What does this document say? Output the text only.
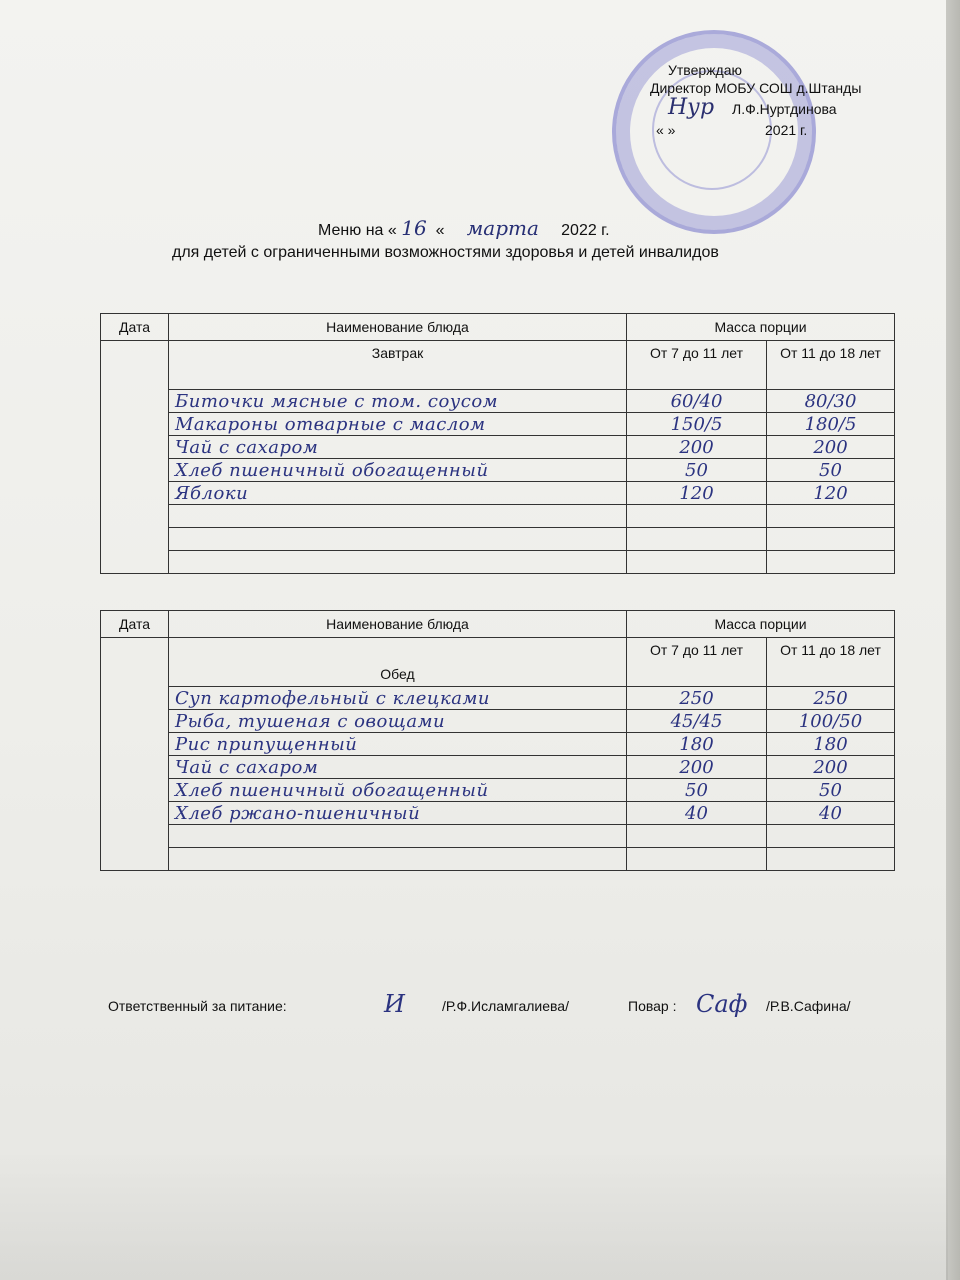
Утверждаю
Директор МОБУ СОШ д.Штанды
Нур	Л.Ф.Нуртдинова
« »	2021 г.
Меню на « 16 « марта 2022 г.
для детей с ограниченными возможностями здоровья и детей инвалидов
Дата	Наименование блюда	Масса порции	
	Завтрак	От 7 до 11 лет	От 11 до 18 лет
	Биточки мясные с том. соусом	60/40	80/30
	Макароны отварные с маслом	150/5	180/5
	Чай с сахаром	200	200
	Хлеб пшеничный обогащенный	50	50
	Яблоки	120	120

Дата	Наименование блюда	Масса порции	
	Обед	От 7 до 11 лет	От 11 до 18 лет
	Суп картофельный с клецками	250	250
	Рыба, тушеная с овощами	45/45	100/50
	Рис припущенный	180	180
	Чай с сахаром	200	200
	Хлеб пшеничный обогащенный	50	50
	Хлеб ржано-пшеничный	40	40

Ответственный за питание:	И	/Р.Ф.Исламгалиева/	Повар : Саф /Р.В.Сафина/
